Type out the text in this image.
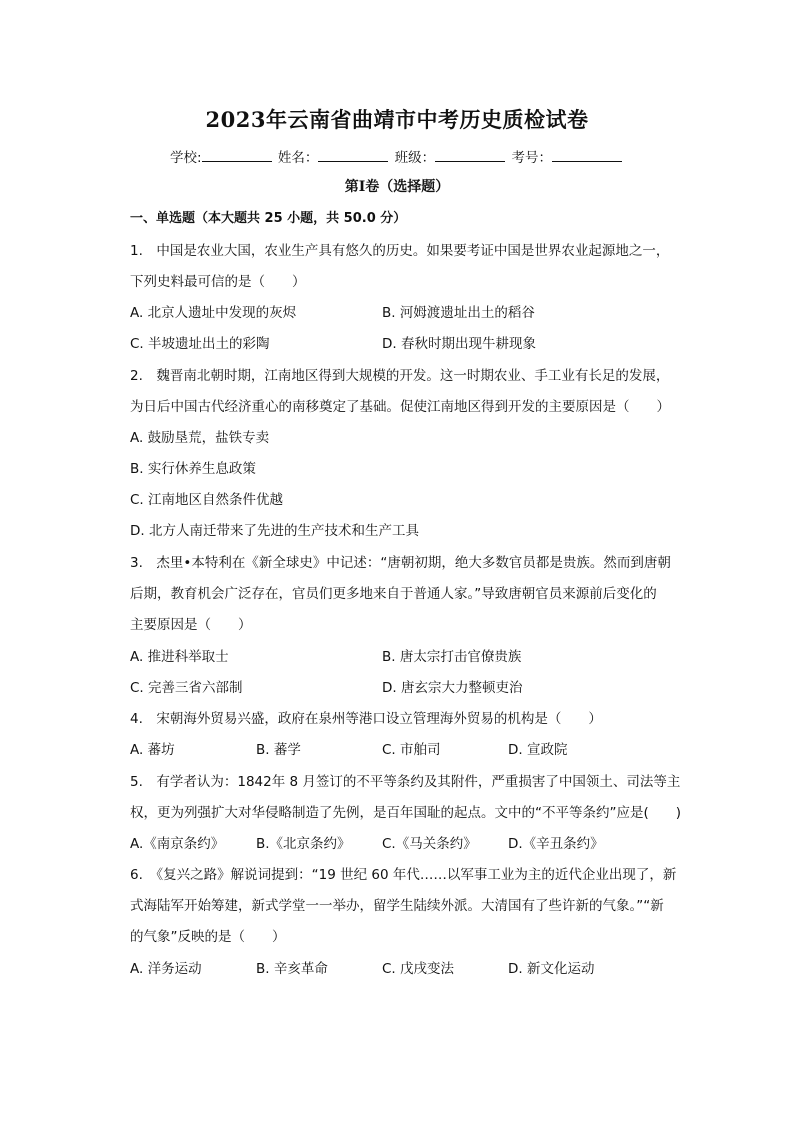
2023年云南省曲靖市中考历史质检试卷
学校:	姓名：	班级：	考号：
第I卷（选择题）
一、单选题（本大题共 25 小题，共 50.0 分）
1.　中国是农业大国，农业生产具有悠久的历史。如果要考证中国是世界农业起源地之一，
下列史料最可信的是（　　）
A. 北京人遗址中发现的灰烬	B. 河姆渡遗址出土的稻谷
C. 半坡遗址出土的彩陶	D. 春秋时期出现牛耕现象
2.　魏晋南北朝时期，江南地区得到大规模的开发。这一时期农业、手工业有长足的发展，
为日后中国古代经济重心的南移奠定了基础。促使江南地区得到开发的主要原因是（　　）
A. 鼓励垦荒，盐铁专卖
B. 实行休养生息政策
C. 江南地区自然条件优越
D. 北方人南迁带来了先进的生产技术和生产工具
3.　杰里•本特利在《新全球史》中记述：“唐朝初期，绝大多数官员都是贵族。然而到唐朝
后期，教育机会广泛存在，官员们更多地来自于普通人家。”导致唐朝官员来源前后变化的
主要原因是（　　）
A. 推进科举取士	B. 唐太宗打击官僚贵族
C. 完善三省六部制	D. 唐玄宗大力整顿吏治
4.　宋朝海外贸易兴盛，政府在泉州等港口设立管理海外贸易的机构是（　　）
A. 蕃坊	B. 蕃学	C. 市舶司	D. 宣政院
5.　有学者认为：1842年 8 月签订的不平等条约及其附件，严重损害了中国领土、司法等主
权，更为列强扩大对华侵略制造了先例，是百年国耻的起点。文中的“不平等条约”应是(　　)
A.《南京条约》 B.《北京条约》 C.《马关条约》 D.《辛丑条约》
6.　《复兴之路》解说词提到：“19 世纪 60 年代……以军事工业为主的近代企业出现了，新
式海陆军开始筹建，新式学堂一一举办，留学生陆续外派。大清国有了些许新的气象。”“新
的气象”反映的是（　　）
A. 洋务运动	B. 辛亥革命	C. 戊戌变法	D. 新文化运动
